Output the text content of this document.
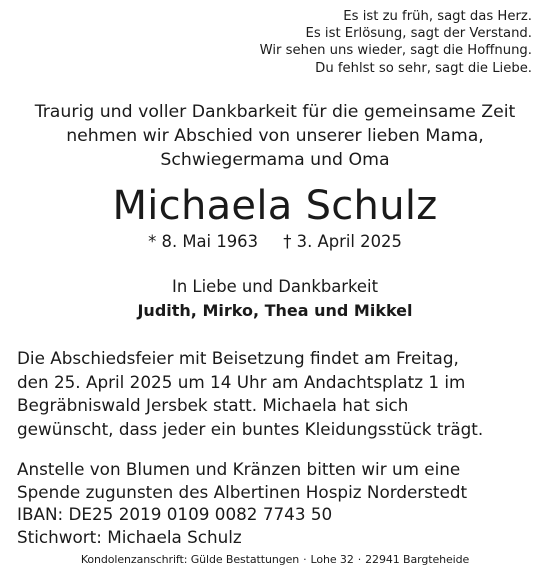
Es ist zu früh, sagt das Herz.
Es ist Erlösung, sagt der Verstand.
Wir sehen uns wieder, sagt die Hoffnung.
Du fehlst so sehr, sagt die Liebe.
Traurig und voller Dankbarkeit für die gemeinsame Zeit
nehmen wir Abschied von unserer lieben Mama,
Schwiegermama und Oma
Michaela Schulz
* 8. Mai 1963 † 3. April 2025
In Liebe und Dankbarkeit
Judith, Mirko, Thea und Mikkel
Die Abschiedsfeier mit Beisetzung findet am Freitag,
den 25. April 2025 um 14 Uhr am Andachtsplatz 1 im
Begräbniswald Jersbek statt. Michaela hat sich
gewünscht, dass jeder ein buntes Kleidungsstück trägt.
Anstelle von Blumen und Kränzen bitten wir um eine
Spende zugunsten des Albertinen Hospiz Norderstedt
IBAN: DE25 2019 0109 0082 7743 50
Stichwort: Michaela Schulz
Kondolenzanschrift: Gülde Bestattungen · Lohe 32 · 22941 Bargteheide
